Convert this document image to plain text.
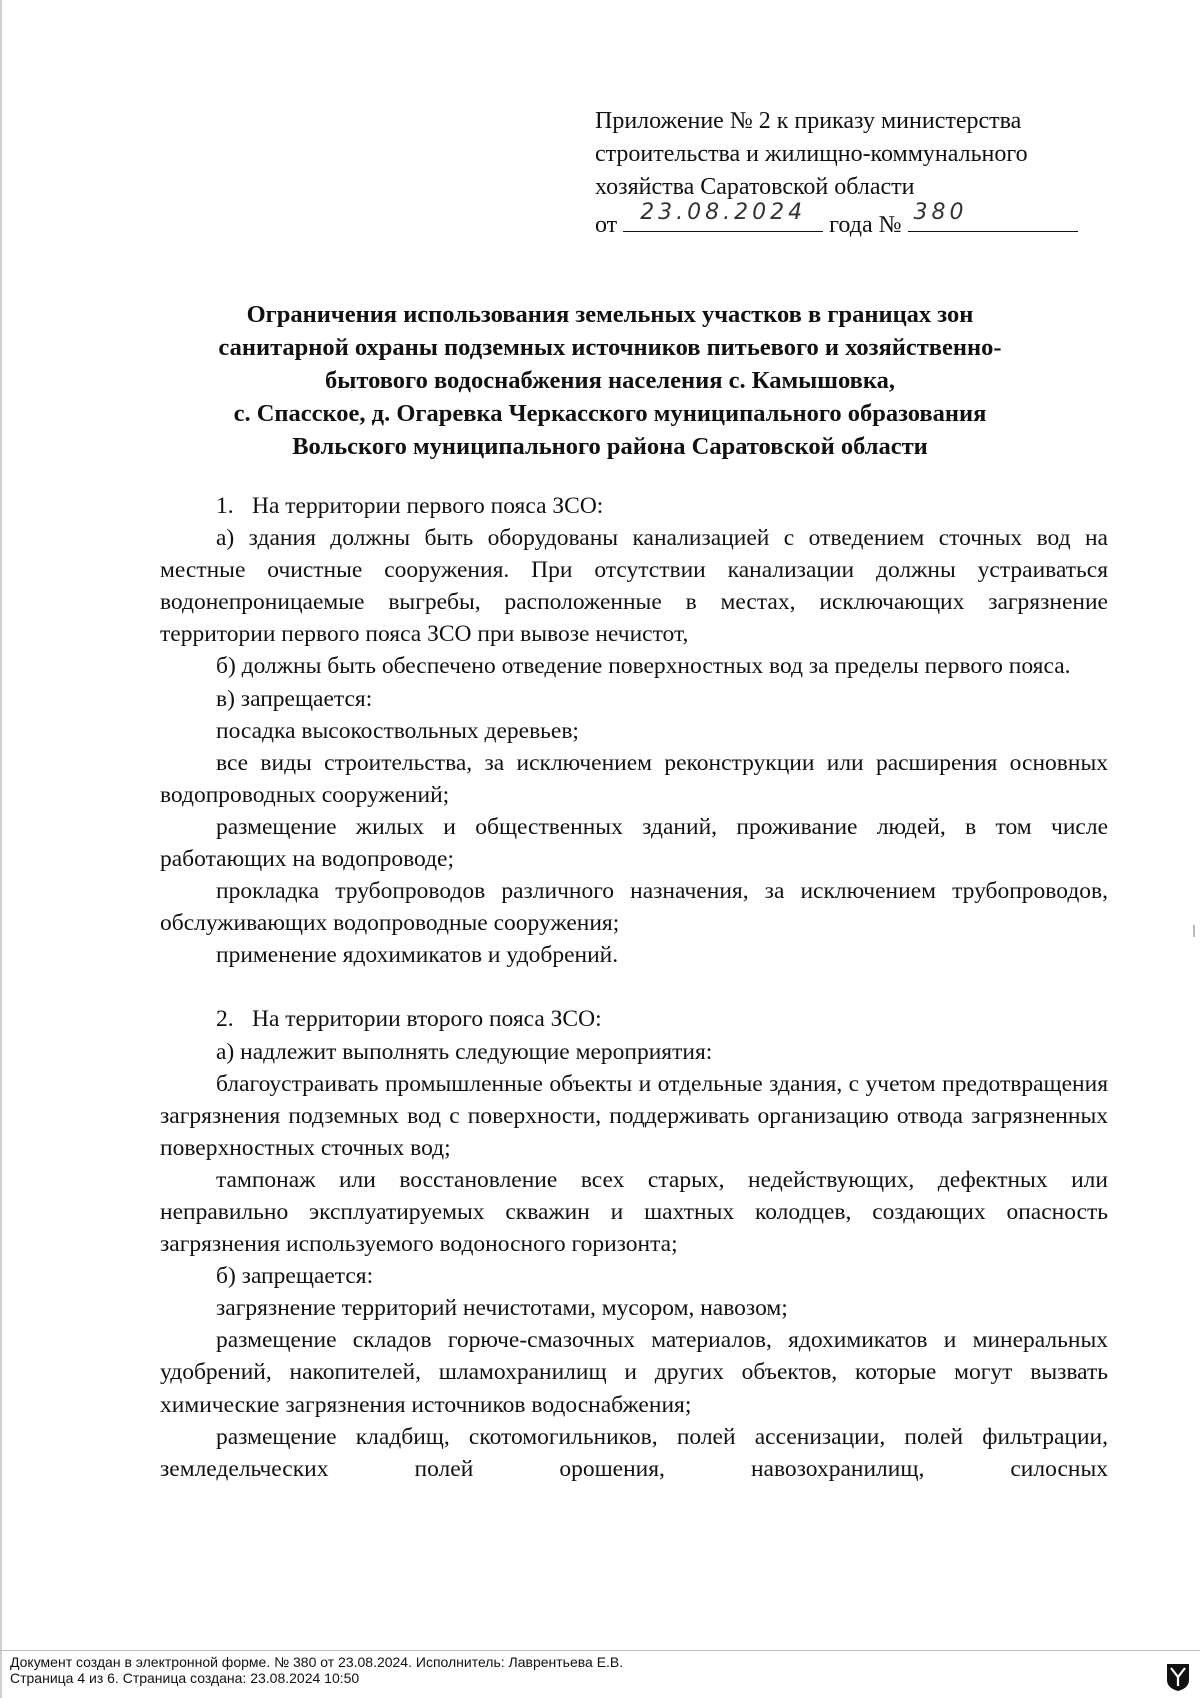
Приложение № 2 к приказу министерства
строительства и жилищно-коммунального
хозяйства Саратовской области
от	23.08.2024 года № 380
Ограничения использования земельных участков в границах зон
санитарной охраны подземных источников питьевого и хозяйственно-
бытового водоснабжения населения с. Камышовка,
с. Спасское, д. Огаревка Черкасского муниципального образования
Вольского муниципального района Саратовской области

1. На территории первого пояса ЗСО:

а) здания должны быть оборудованы канализацией с отведением сточных вод на местные очистные сооружения. При отсутствии канализации должны устраиваться водонепроницаемые выгребы, расположенные в местах, исключающих загрязнение территории первого пояса ЗСО при вывозе нечистот,

б) должны быть обеспечено отведение поверхностных вод за пределы первого пояса.

в) запрещается:

посадка высокоствольных деревьев;

все виды строительства, за исключением реконструкции или расширения основных водопроводных сооружений;

размещение жилых и общественных зданий, проживание людей, в том числе работающих на водопроводе;

прокладка трубопроводов различного назначения, за исключением трубопроводов, обслуживающих водопроводные сооружения;

применение ядохимикатов и удобрений.

2. На территории второго пояса ЗСО:

а) надлежит выполнять следующие мероприятия:

благоустраивать промышленные объекты и отдельные здания, с учетом предотвращения загрязнения подземных вод с поверхности, поддерживать организацию отвода загрязненных поверхностных сточных вод;

тампонаж или восстановление всех старых, недействующих, дефектных или неправильно эксплуатируемых скважин и шахтных колодцев, создающих опасность загрязнения используемого водоносного горизонта;

б) запрещается:

загрязнение территорий нечистотами, мусором, навозом;

размещение складов горюче-смазочных материалов, ядохимикатов и минеральных удобрений, накопителей, шламохранилищ и других объектов, которые могут вызвать химические загрязнения источников водоснабжения;

размещение кладбищ, скотомогильников, полей ассенизации, полей фильтрации, земледельческих полей орошения, навозохранилищ, силосных

Документ создан в электронной форме. № 380 от 23.08.2024. Исполнитель: Лаврентьева Е.В.
Страница 4 из 6. Страница создана: 23.08.2024 10:50
